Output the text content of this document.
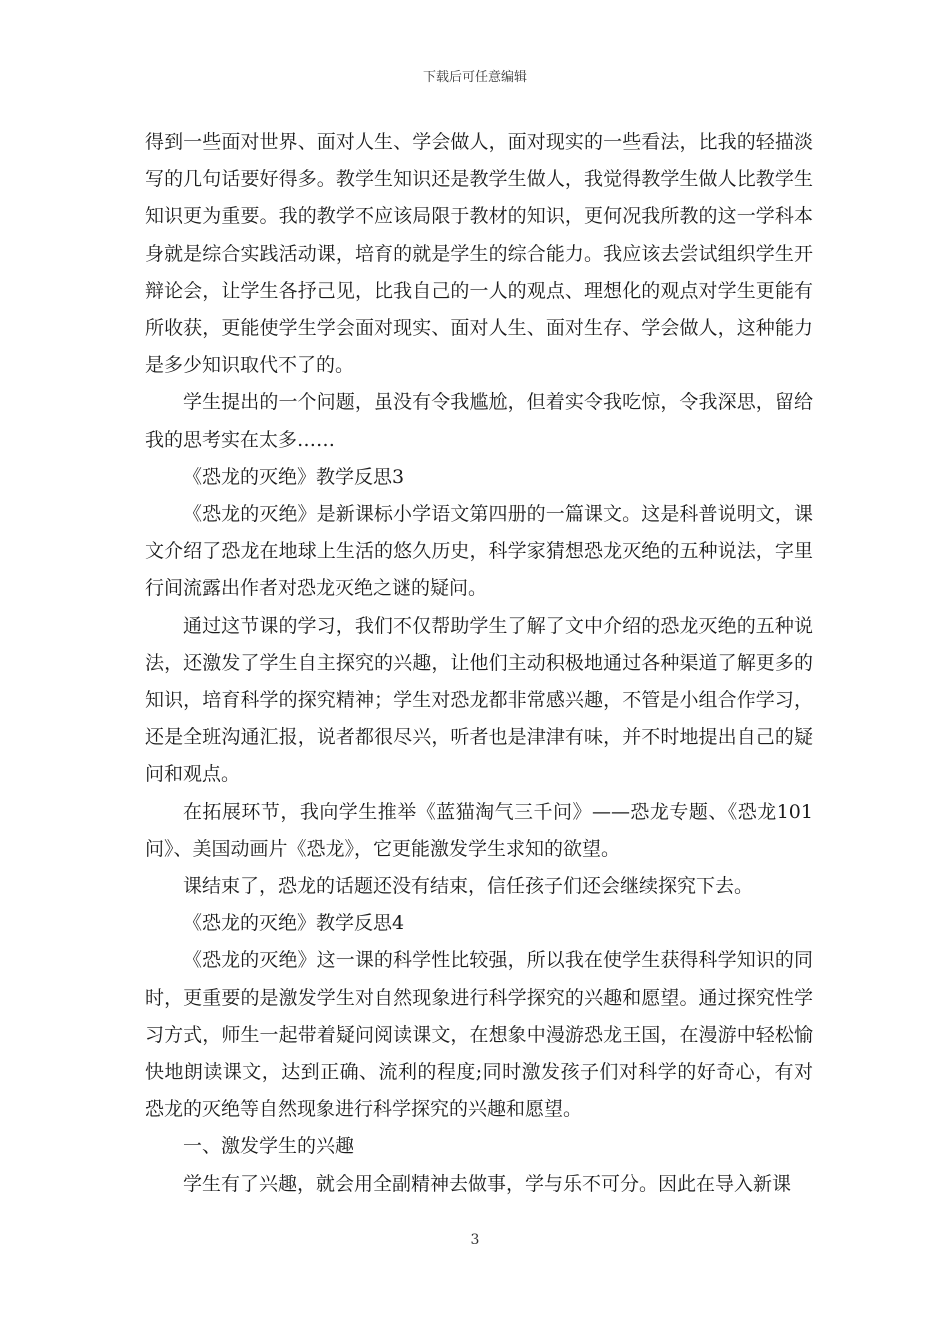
下载后可任意编辑

得到一些面对世界、面对人生、学会做人，面对现实的一些看法，比我的轻描淡写的几句话要好得多。教学生知识还是教学生做人，我觉得教学生做人比教学生知识更为重要。我的教学不应该局限于教材的知识，更何况我所教的这一学科本身就是综合实践活动课，培育的就是学生的综合能力。我应该去尝试组织学生开辩论会，让学生各抒己见，比我自己的一人的观点、理想化的观点对学生更能有所收获，更能使学生学会面对现实、面对人生、面对生存、学会做人，这种能力是多少知识取代不了的。

学生提出的一个问题，虽没有令我尴尬，但着实令我吃惊，令我深思，留给我的思考实在太多……

《恐龙的灭绝》教学反思3

《恐龙的灭绝》是新课标小学语文第四册的一篇课文。这是科普说明文，课文介绍了恐龙在地球上生活的悠久历史，科学家猜想恐龙灭绝的五种说法，字里行间流露出作者对恐龙灭绝之谜的疑问。

通过这节课的学习，我们不仅帮助学生了解了文中介绍的恐龙灭绝的五种说法，还激发了学生自主探究的兴趣，让他们主动积极地通过各种渠道了解更多的知识，培育科学的探究精神；学生对恐龙都非常感兴趣，不管是小组合作学习，还是全班沟通汇报，说者都很尽兴，听者也是津津有味，并不时地提出自己的疑问和观点。

在拓展环节，我向学生推举《蓝猫淘气三千问》——恐龙专题、《恐龙101问》、美国动画片《恐龙》，它更能激发学生求知的欲望。

课结束了，恐龙的话题还没有结束，信任孩子们还会继续探究下去。

《恐龙的灭绝》教学反思4

《恐龙的灭绝》这一课的科学性比较强，所以我在使学生获得科学知识的同时，更重要的是激发学生对自然现象进行科学探究的兴趣和愿望。通过探究性学习方式，师生一起带着疑问阅读课文，在想象中漫游恐龙王国，在漫游中轻松愉快地朗读课文，达到正确、流利的程度;同时激发孩子们对科学的好奇心，有对恐龙的灭绝等自然现象进行科学探究的兴趣和愿望。

一、激发学生的兴趣

学生有了兴趣，就会用全副精神去做事，学与乐不可分。因此在导入新课

3
